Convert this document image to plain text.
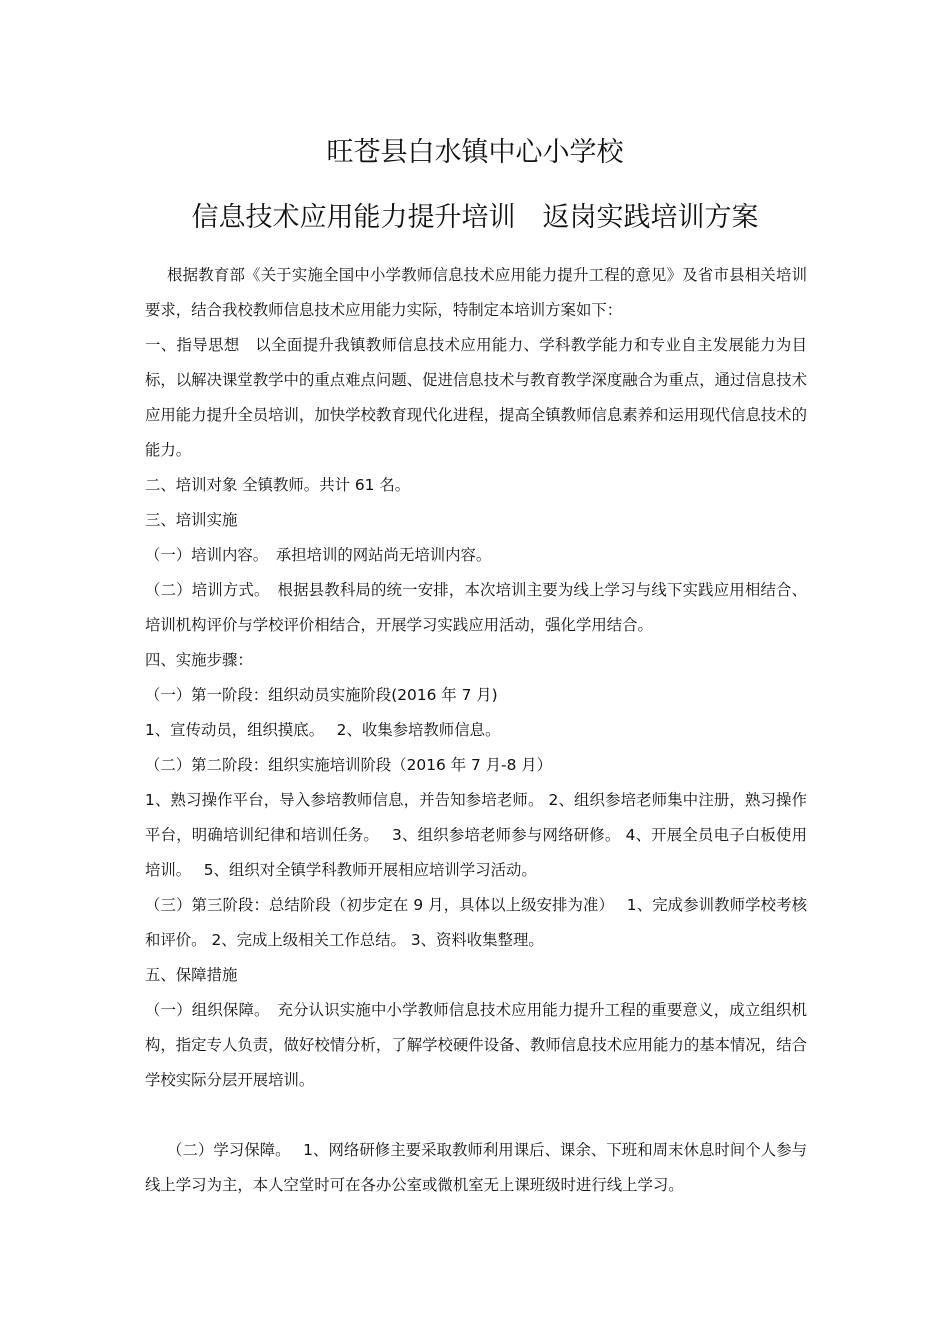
旺苍县白水镇中心小学校
信息技术应用能力提升培训　返岗实践培训方案

根据教育部《关于实施全国中小学教师信息技术应用能力提升工程的意见》及省市县相关培训要求，结合我校教师信息技术应用能力实际，特制定本培训方案如下：

一、指导思想　以全面提升我镇教师信息技术应用能力、学科教学能力和专业自主发展能力为目标，以解决课堂教学中的重点难点问题、促进信息技术与教育教学深度融合为重点，通过信息技术应用能力提升全员培训，加快学校教育现代化进程，提高全镇教师信息素养和运用现代信息技术的能力。

二、培训对象 全镇教师。共计 61 名。

三、培训实施

（一）培训内容。　承担培训的网站尚无培训内容。

（二）培训方式。　根据县教科局的统一安排，本次培训主要为线上学习与线下实践应用相结合、培训机构评价与学校评价相结合，开展学习实践应用活动，强化学用结合。

四、实施步骤：

（一）第一阶段：组织动员实施阶段(2016 年 7 月)

1、宣传动员，组织摸底。　 2、收集参培教师信息。

（二）第二阶段：组织实施培训阶段（2016 年 7 月-8 月）

1、熟习操作平台，导入参培教师信息，并告知参培老师。 2、组织参培老师集中注册，熟习操作平台，明确培训纪律和培训任务。　 3、组织参培老师参与网络研修。 4、开展全员电子白板使用培训。　 5、组织对全镇学科教师开展相应培训学习活动。

（三）第三阶段：总结阶段（初步定在 9 月，具体以上级安排为准）　 1、完成参训教师学校考核和评价。 2、完成上级相关工作总结。 3、资料收集整理。

五、保障措施

（一）组织保障。　充分认识实施中小学教师信息技术应用能力提升工程的重要意义，成立组织机构，指定专人负责，做好校情分析，了解学校硬件设备、教师信息技术应用能力的基本情况，结合学校实际分层开展培训。

（二）学习保障。　 1、网络研修主要采取教师利用课后、课余、下班和周末休息时间个人参与线上学习为主，本人空堂时可在各办公室或微机室无上课班级时进行线上学习。
